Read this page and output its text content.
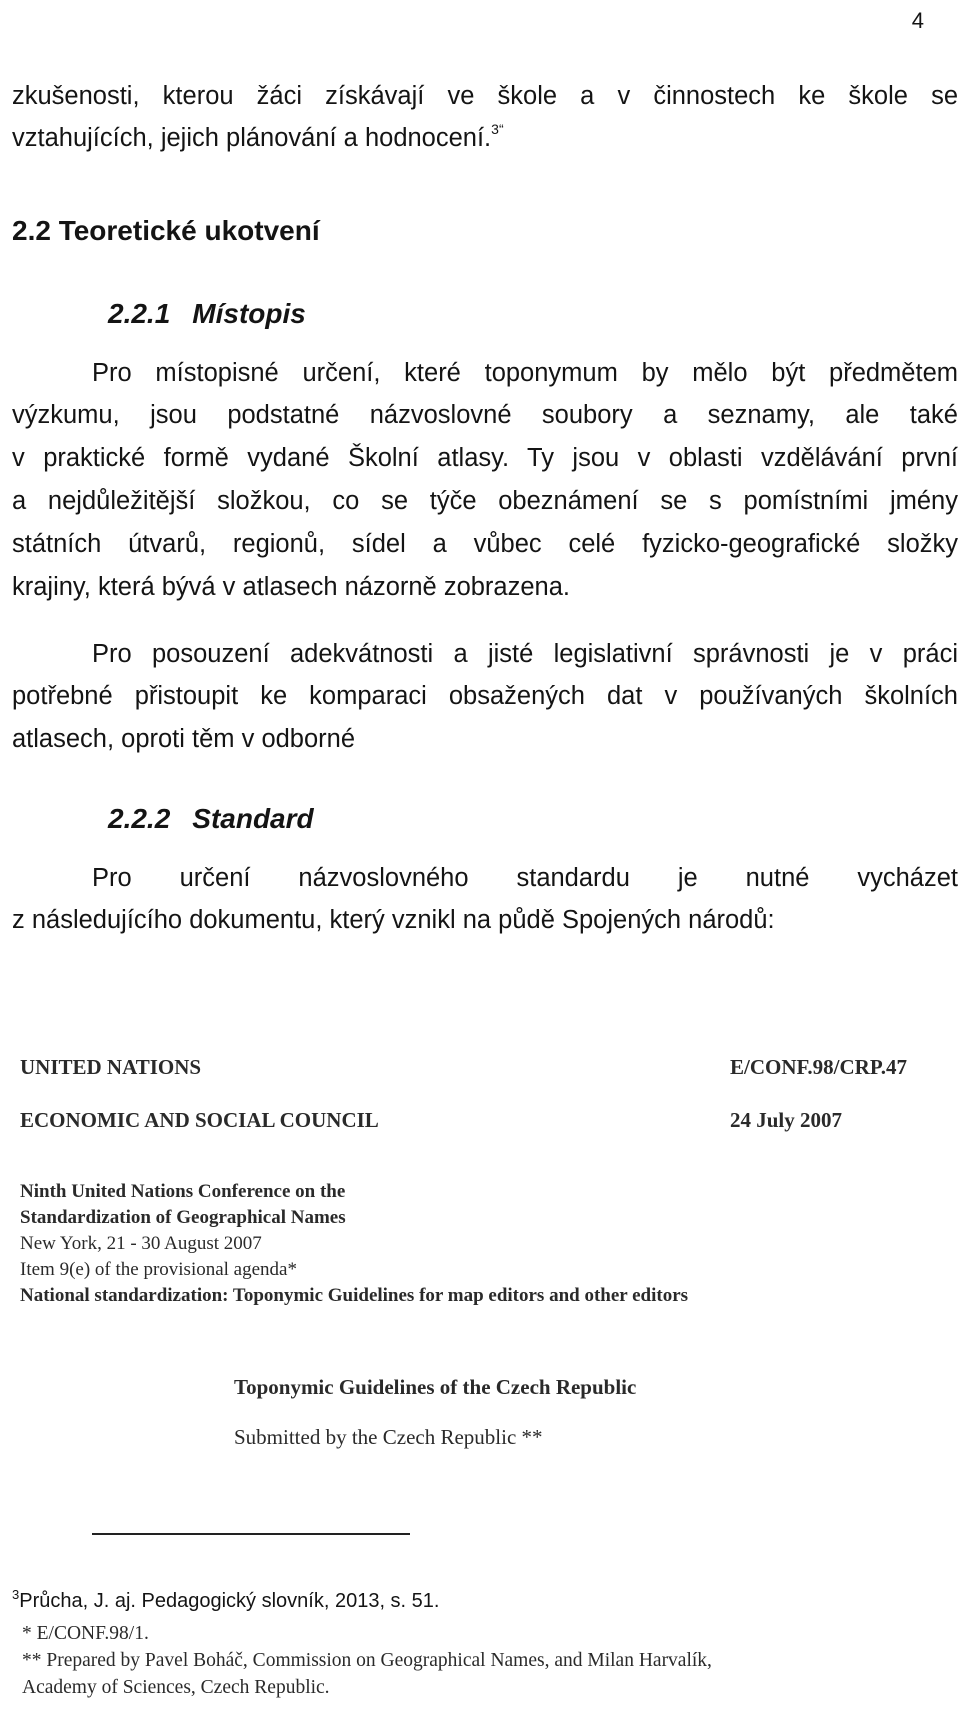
4
zkušenosti, kterou žáci získávají ve škole a v činnostech ke škole se
vztahujících, jejich plánování a hodnocení.$^{3“}$
2.2 Teoretické ukotvení
2.2.1 Místopis
Pro místopisné určení, které toponymum by mělo být předmětem
výzkumu, jsou podstatné názvoslovné soubory a seznamy, ale také
v praktické formě vydané Školní atlasy. Ty jsou v oblasti vzdělávání první
a nejdůležitější složkou, co se týče obeznámení se s pomístními jmény
státních útvarů, regionů, sídel a vůbec celé fyzicko-geografické složky
krajiny, která bývá v atlasech názorně zobrazena.
Pro posouzení adekvátnosti a jisté legislativní správnosti je v práci
potřebné přistoupit ke komparaci obsažených dat v používaných školních
atlasech, oproti těm v odborné
2.2.2 Standard
Pro určení názvoslovného standardu je nutné vycházet
z následujícího dokumentu, který vznikl na půdě Spojených národů:
UNITED NATIONS	E/CONF.98/CRP.47
ECONOMIC AND SOCIAL COUNCIL	24 July 2007
Ninth United Nations Conference on the
Standardization of Geographical Names
New York, 21 - 30 August 2007
Item 9(e) of the provisional agenda*
National standardization: Toponymic Guidelines for map editors and other editors
Toponymic Guidelines of the Czech Republic
Submitted by the Czech Republic **
$^3$Průcha, J. aj. Pedagogický slovník, 2013, s. 51.
* E/CONF.98/1.
** Prepared by Pavel Boháč, Commission on Geographical Names, and Milan Harvalík,
Academy of Sciences, Czech Republic.
